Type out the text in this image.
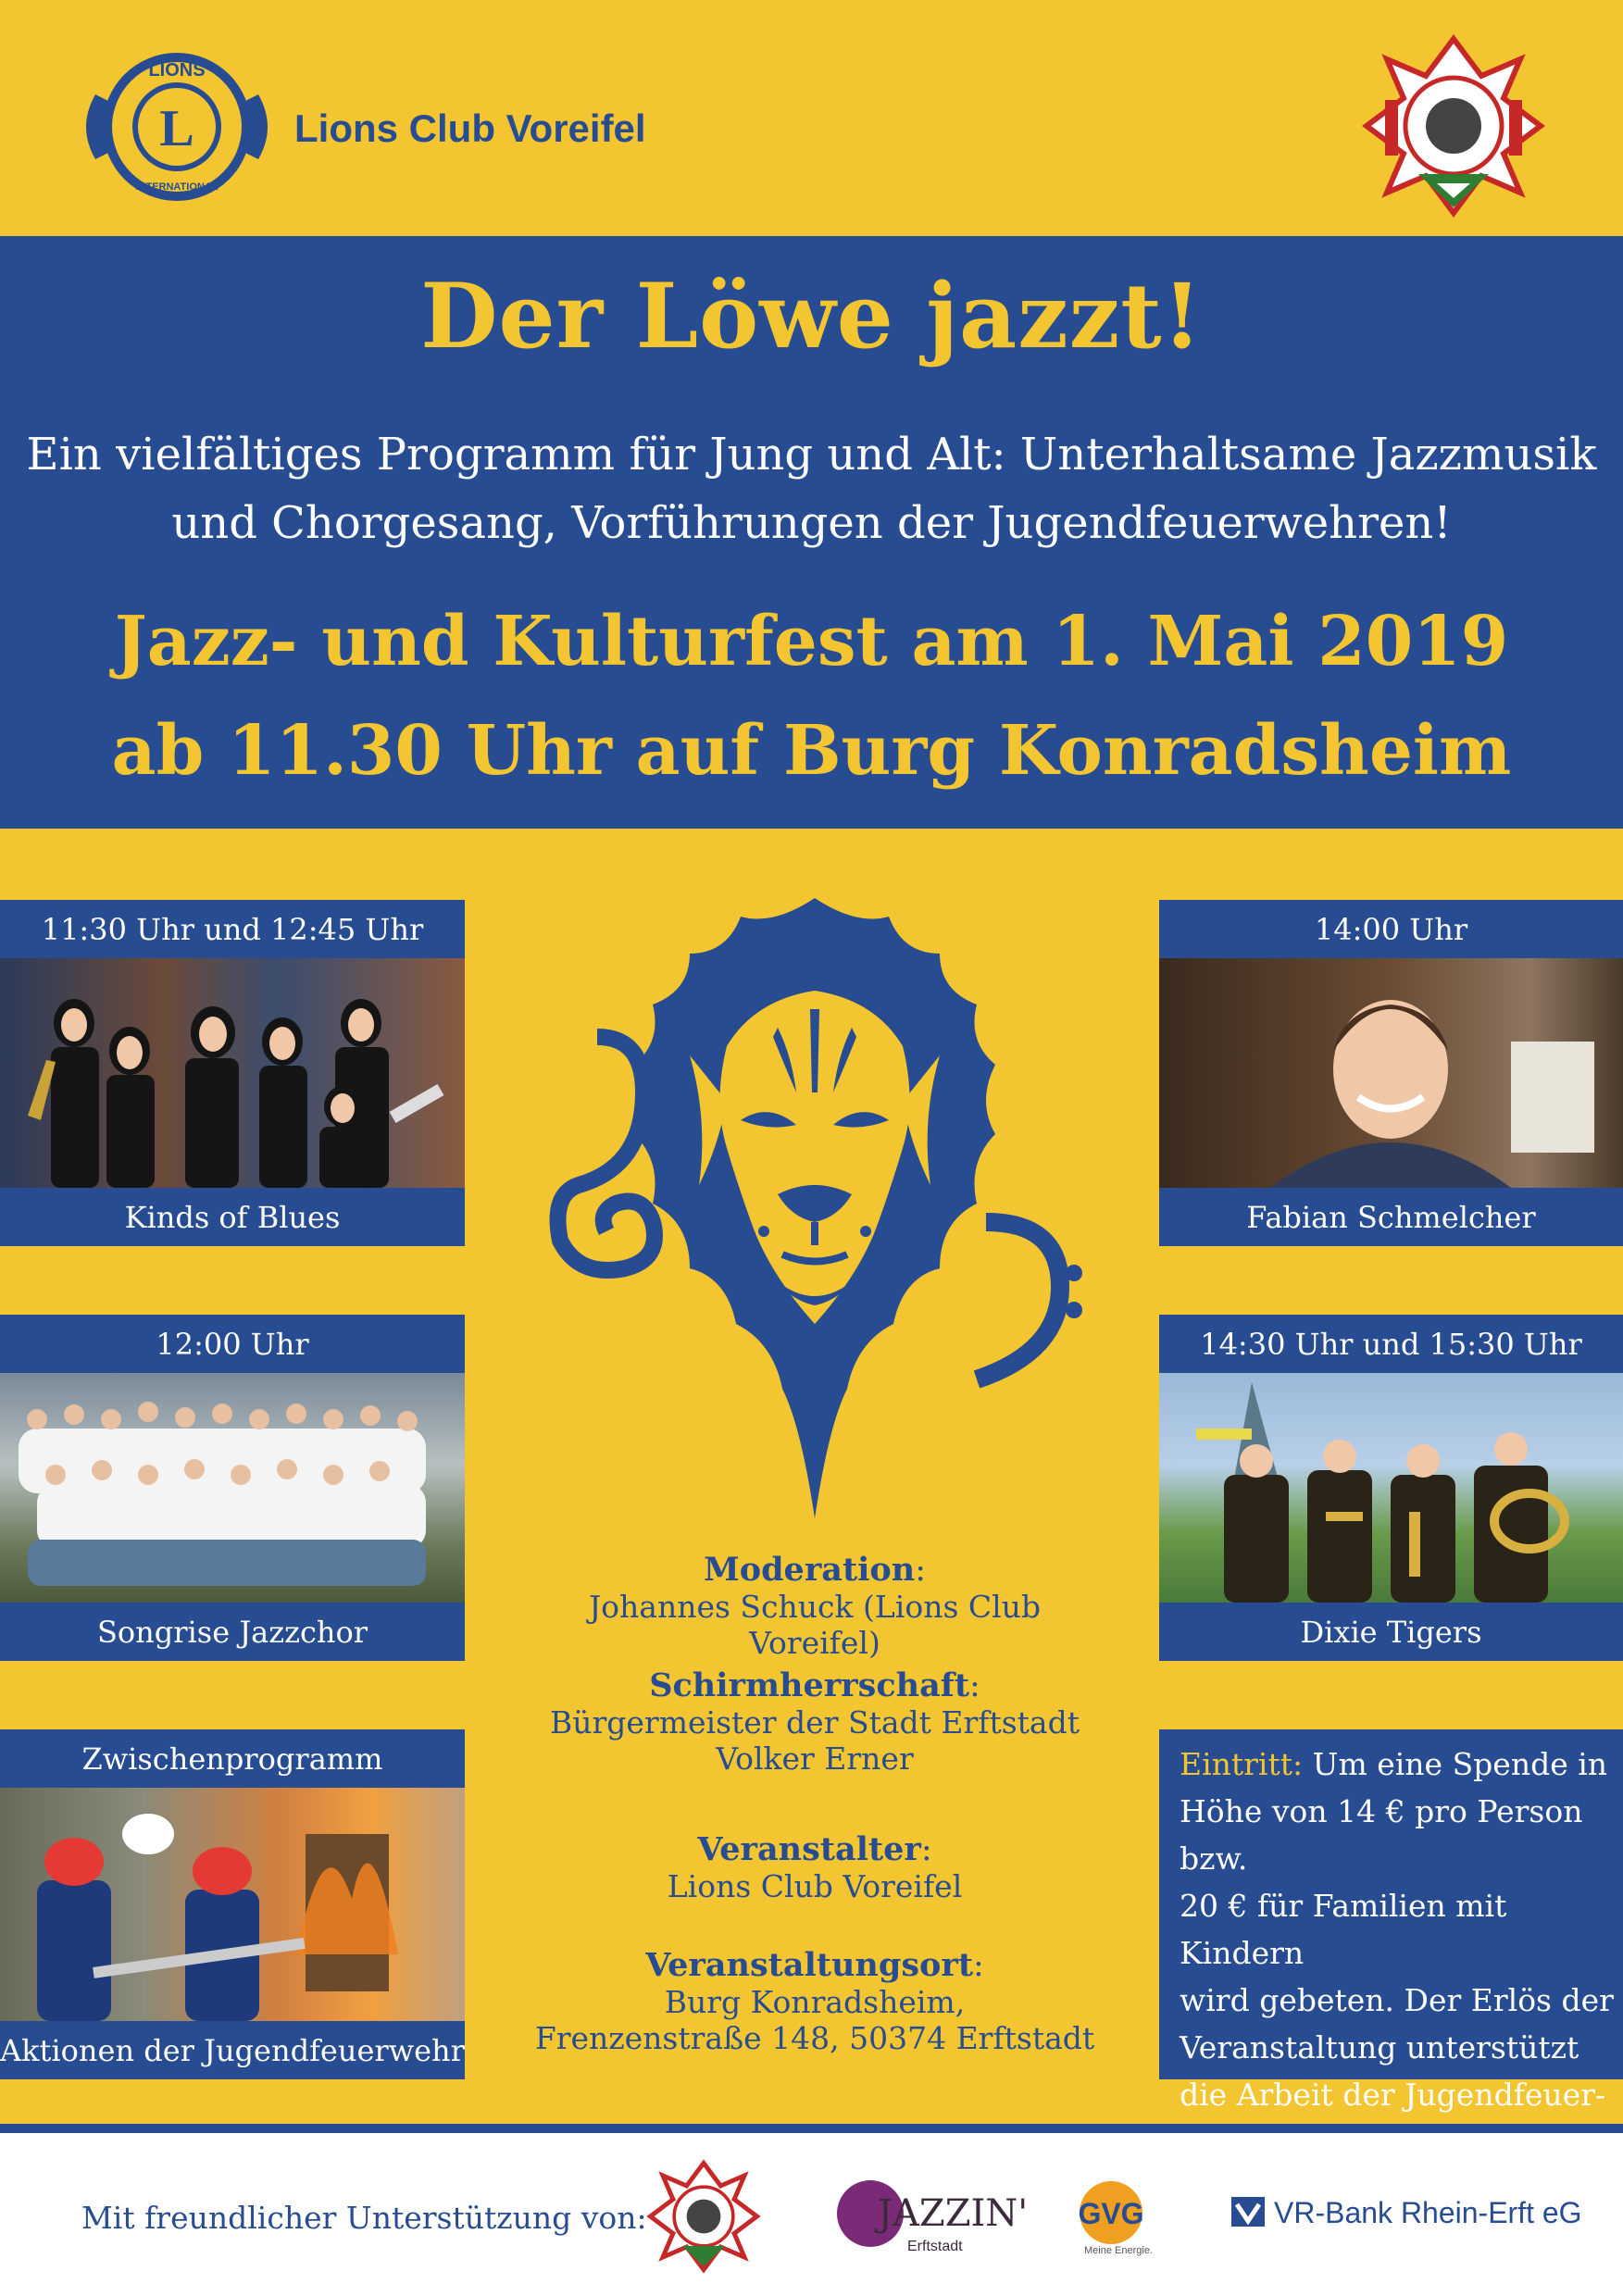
L
LIONS
INTERNATIONAL
Lions Club Voreifel
Der Löwe jazzt!
Ein vielfältiges Programm für Jung und Alt: Unterhaltsame Jazzmusik
und Chorgesang, Vorführungen der Jugendfeuerwehren!
Jazz- und Kulturfest am 1. Mai 2019
ab 11.30 Uhr auf Burg Konradsheim
11:30 Uhr und 12:45 Uhr
Kinds of Blues
14:00 Uhr
Fabian Schmelcher
12:00 Uhr
Songrise Jazzchor
14:30 Uhr und 15:30 Uhr
Dixie Tigers
Zwischenprogramm
Aktionen der Jugendfeuerwehr
Moderation:
Johannes Schuck (Lions Club Voreifel)
Schirmherrschaft:
Bürgermeister der Stadt Erftstadt
Volker Erner
Veranstalter:
Lions Club Voreifel
Veranstaltungsort:
Burg Konradsheim,
Frenzenstraße 148, 50374 Erftstadt
Eintritt: Um eine Spende in
Höhe von 14 € pro Person bzw.
20 € für Familien mit Kindern
wird gebeten. Der Erlös der
Veranstaltung unterstützt
die Arbeit der Jugendfeuer-
Mit freundlicher Unterstützung von:	JAZZIN'
Erftstadt
GVG
Meine Energie.
VR-Bank Rhein-Erft eG
